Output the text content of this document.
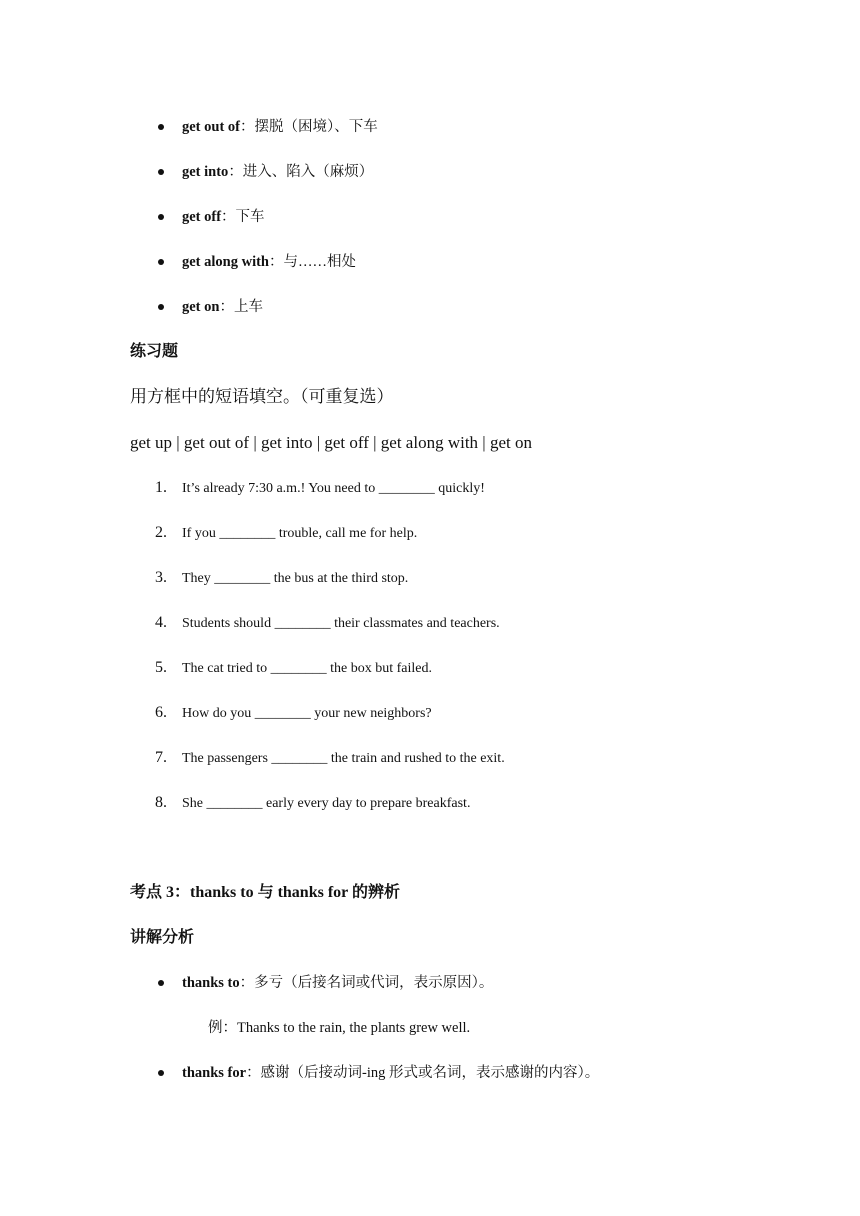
get out of：摆脱（困境）、下车
get into：进入、陷入（麻烦）
get off：下车
get along with：与……相处
get on：上车
练习题
用方框中的短语填空。（可重复选）
get up | get out of | get into | get off | get along with | get on
1. It’s already 7:30 a.m.! You need to ________ quickly!
2. If you ________ trouble, call me for help.
3. They ________ the bus at the third stop.
4. Students should ________ their classmates and teachers.
5. The cat tried to ________ the box but failed.
6. How do you ________ your new neighbors?
7. The passengers ________ the train and rushed to the exit.
8. She ________ early every day to prepare breakfast.
考点 3：thanks to 与 thanks for 的辨析
讲解分析
thanks to：多亏（后接名词或代词，表示原因）。
例：Thanks to the rain, the plants grew well.
thanks for：感谢（后接动词-ing 形式或名词，表示感谢的内容）。
